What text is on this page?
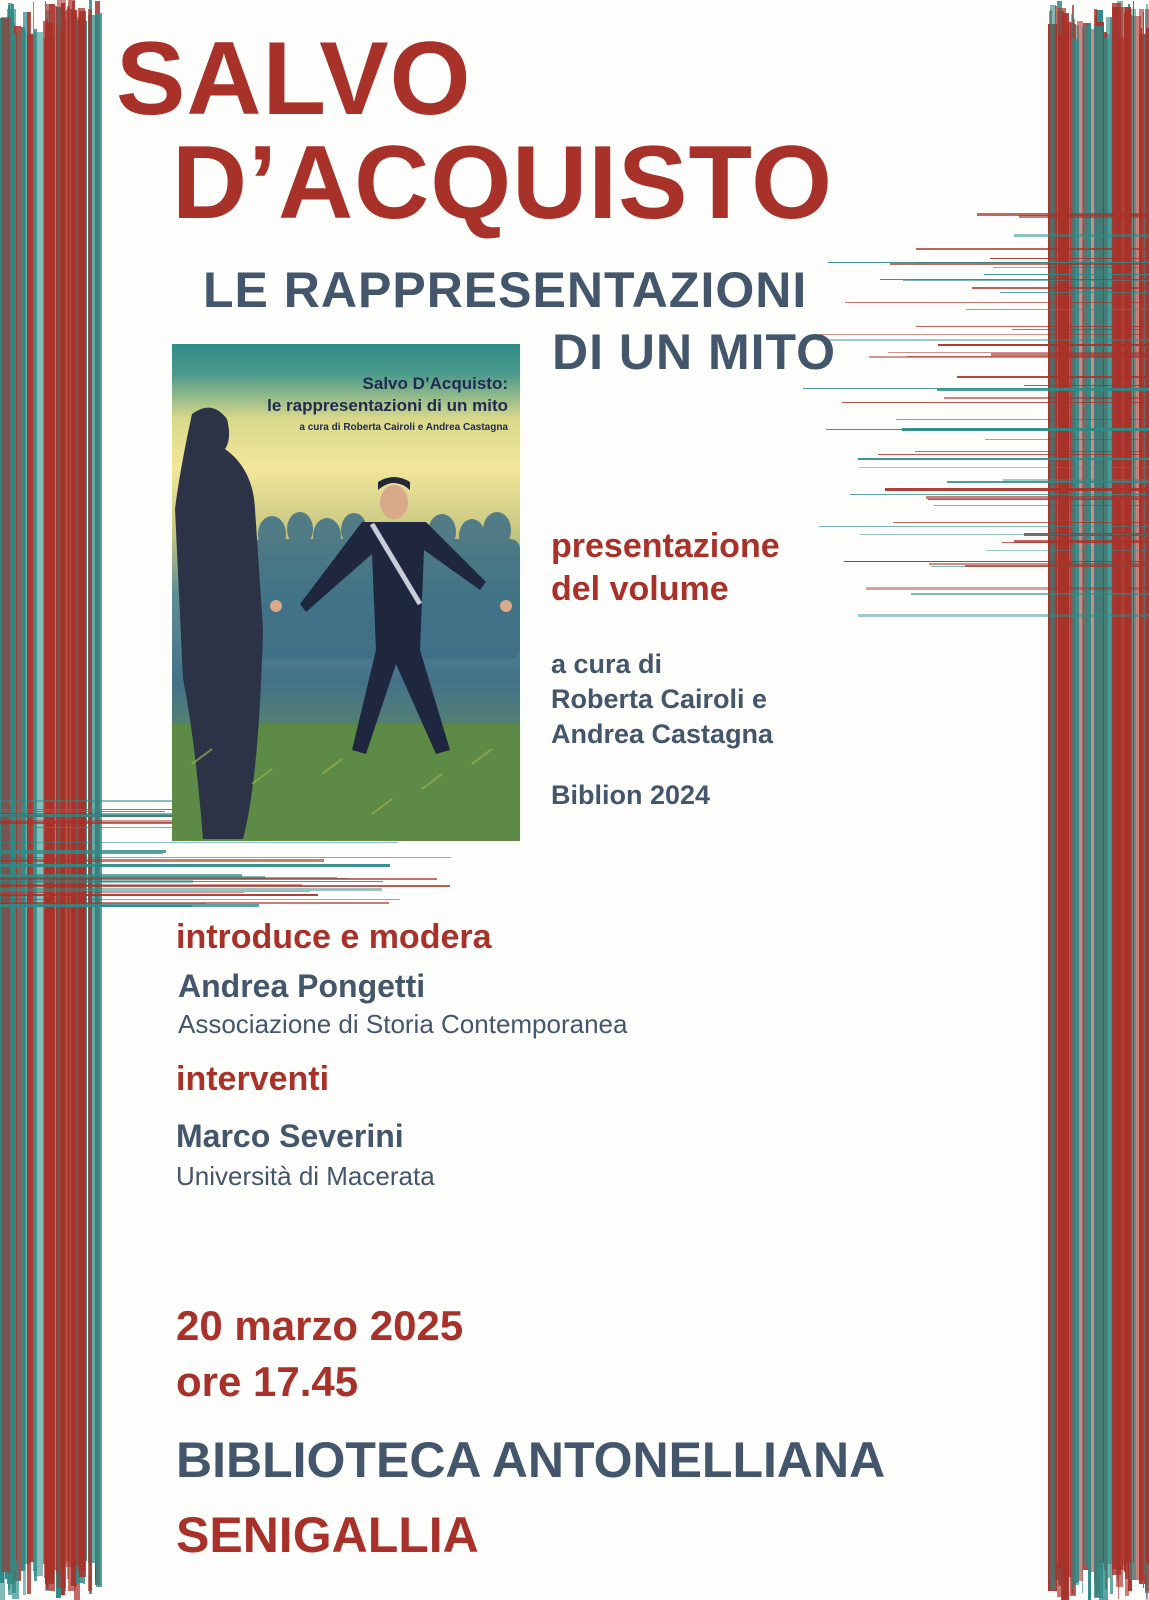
SALVO
D’ACQUISTO
LE RAPPRESENTAZIONI
DI UN MITO
Salvo D’Acquisto:
le rappresentazioni di un mito
a cura di Roberta Cairoli e Andrea Castagna

presentazione

del volume

a cura di

Roberta Cairoli e

Andrea Castagna

Biblion 2024

introduce e modera

Andrea Pongetti

Associazione di Storia Contemporanea

interventi

Marco Severini

Università di Macerata

20 marzo 2025

ore 17.45

BIBLIOTECA ANTONELLIANA

SENIGALLIA
